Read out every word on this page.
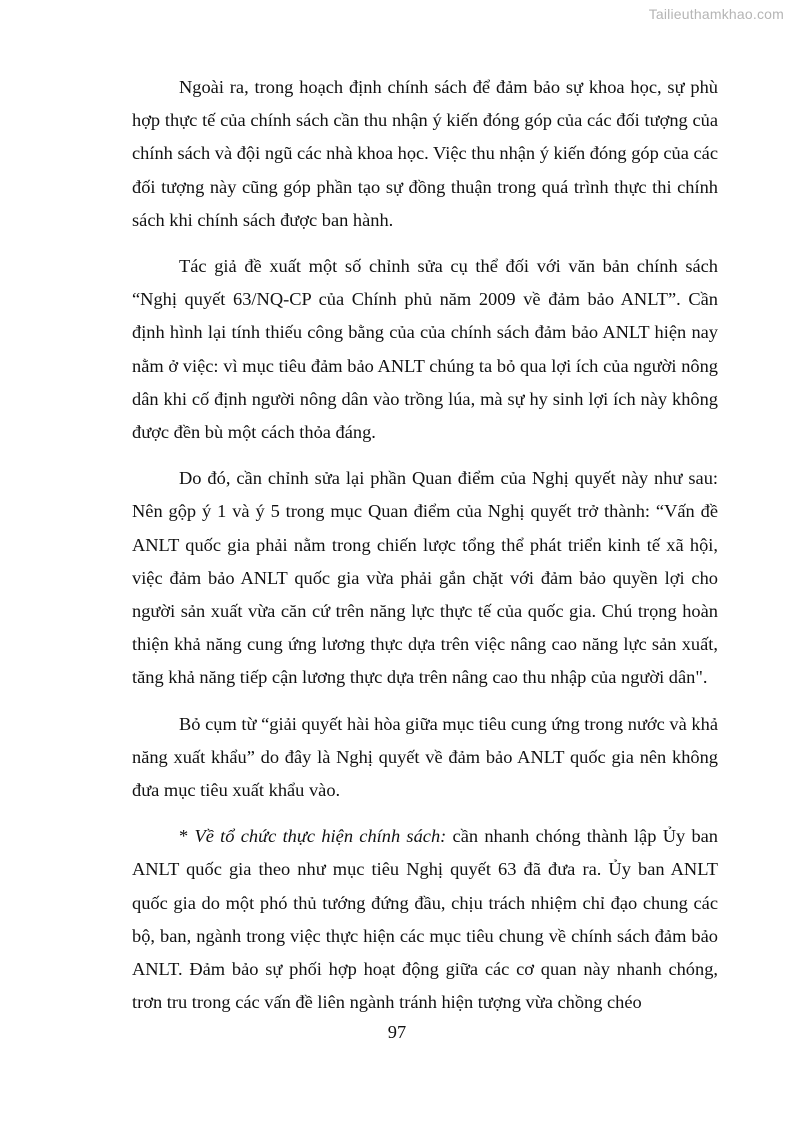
Tailieuthamkhao.com

Ngoài ra, trong hoạch định chính sách để đảm bảo sự khoa học, sự phù hợp thực tế của chính sách cần thu nhận ý kiến đóng góp của các đối tượng của chính sách và đội ngũ các nhà khoa học. Việc thu nhận ý kiến đóng góp của các đối tượng này cũng góp phần tạo sự đồng thuận trong quá trình thực thi chính sách khi chính sách được ban hành.

Tác giả đề xuất một số chỉnh sửa cụ thể đối với văn bản chính sách “Nghị quyết 63/NQ-CP của Chính phủ năm 2009 về đảm bảo ANLT”. Cần định hình lại tính thiếu công bằng của của chính sách đảm bảo ANLT hiện nay nằm ở việc: vì mục tiêu đảm bảo ANLT chúng ta bỏ qua lợi ích của người nông dân khi cố định người nông dân vào trồng lúa, mà sự hy sinh lợi ích này không được đền bù một cách thỏa đáng.

Do đó, cần chỉnh sửa lại phần Quan điểm của Nghị quyết này như sau: Nên gộp ý 1 và ý 5 trong mục Quan điểm của Nghị quyết trở thành: “Vấn đề ANLT quốc gia phải nằm trong chiến lược tổng thể phát triển kinh tế xã hội, việc đảm bảo ANLT quốc gia vừa phải gắn chặt với đảm bảo quyền lợi cho người sản xuất vừa căn cứ trên năng lực thực tế của quốc gia. Chú trọng hoàn thiện khả năng cung ứng lương thực dựa trên việc nâng cao năng lực sản xuất, tăng khả năng tiếp cận lương thực dựa trên nâng cao thu nhập của người dân".

Bỏ cụm từ “giải quyết hài hòa giữa mục tiêu cung ứng trong nước và khả năng xuất khẩu” do đây là Nghị quyết về đảm bảo ANLT quốc gia nên không đưa mục tiêu xuất khẩu vào.

* Về tổ chức thực hiện chính sách: cần nhanh chóng thành lập Ủy ban ANLT quốc gia theo như mục tiêu Nghị quyết 63 đã đưa ra. Ủy ban ANLT quốc gia do một phó thủ tướng đứng đầu, chịu trách nhiệm chỉ đạo chung các bộ, ban, ngành trong việc thực hiện các mục tiêu chung về chính sách đảm bảo ANLT. Đảm bảo sự phối hợp hoạt động giữa các cơ quan này nhanh chóng, trơn tru trong các vấn đề liên ngành tránh hiện tượng vừa chồng chéo

97
